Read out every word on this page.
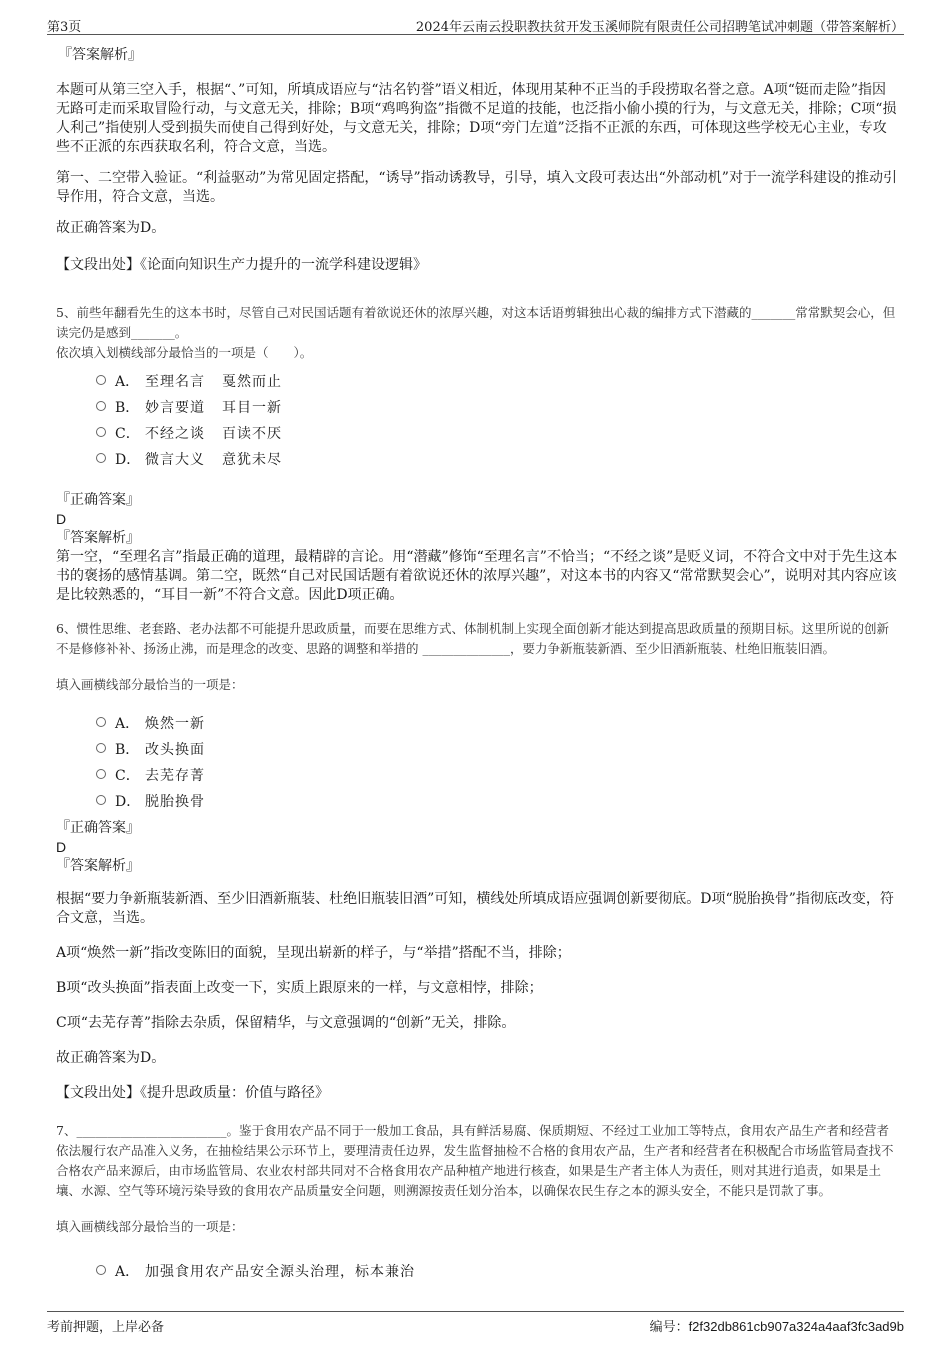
第3页	2024年云南云投职教扶贫开发玉溪师院有限责任公司招聘笔试冲刺题（带答案解析）
『答案解析』

本题可从第三空入手，根据“、”可知，所填成语应与“沽名钓誉”语义相近，体现用某种不正当的手段捞取名誉之意。A项“铤而走险”指因无路可走而采取冒险行动，与文意无关，排除；B项“鸡鸣狗盗”指微不足道的技能，也泛指小偷小摸的行为，与文意无关，排除；C项“损人利己”指使别人受到损失而使自己得到好处，与文意无关，排除；D项“旁门左道”泛指不正派的东西，可体现这些学校无心主业，专攻些不正派的东西获取名利，符合文意，当选。

第一、二空带入验证。“利益驱动”为常见固定搭配，“诱导”指动诱教导，引导，填入文段可表达出“外部动机”对于一流学科建设的推动引导作用，符合文意，当选。

故正确答案为D。

【文段出处】《论面向知识生产力提升的一流学科建设逻辑》

5、前些年翻看先生的这本书时，尽管自己对民国话题有着欲说还休的浓厚兴趣，对这本话语剪辑独出心裁的编排方式下潜藏的_______常常默契会心，但读完仍是感到_______。

依次填入划横线部分最恰当的一项是（　　）。

A． 至理名言 戛然而止
B． 妙言要道 耳目一新
C． 不经之谈 百读不厌
D． 微言大义 意犹未尽
『正确答案』
D
『答案解析』

第一空，“至理名言”指最正确的道理，最精辟的言论。用“潜藏”修饰“至理名言”不恰当；“不经之谈”是贬义词，不符合文中对于先生这本书的褒扬的感情基调。第二空，既然“自己对民国话题有着欲说还休的浓厚兴趣”，对这本书的内容又“常常默契会心”，说明对其内容应该是比较熟悉的，“耳目一新”不符合文意。因此D项正确。

6、惯性思维、老套路、老办法都不可能提升思政质量，而要在思维方式、体制机制上实现全面创新才能达到提高思政质量的预期目标。这里所说的创新不是修修补补、扬汤止沸，而是理念的改变、思路的调整和举措的 ______________，要力争新瓶装新酒、至少旧酒新瓶装、杜绝旧瓶装旧酒。

填入画横线部分最恰当的一项是：

A． 焕然一新
B． 改头换面
C． 去芜存菁
D． 脱胎换骨
『正确答案』
D
『答案解析』

根据“要力争新瓶装新酒、至少旧酒新瓶装、杜绝旧瓶装旧酒”可知，横线处所填成语应强调创新要彻底。D项“脱胎换骨”指彻底改变，符合文意，当选。

A项“焕然一新”指改变陈旧的面貌，呈现出崭新的样子，与“举措”搭配不当，排除；

B项“改头换面”指表面上改变一下，实质上跟原来的一样，与文意相悖，排除；

C项“去芜存菁”指除去杂质，保留精华，与文意强调的“创新”无关，排除。

故正确答案为D。

【文段出处】《提升思政质量：价值与路径》

7、________________________。鉴于食用农产品不同于一般加工食品，具有鲜活易腐、保质期短、不经过工业加工等特点，食用农产品生产者和经营者依法履行农产品准入义务，在抽检结果公示环节上，要理清责任边界，发生监督抽检不合格的食用农产品，生产者和经营者在积极配合市场监管局查找不合格农产品来源后，由市场监管局、农业农村部共同对不合格食用农产品种植产地进行核查，如果是生产者主体人为责任，则对其进行追责，如果是土壤、水源、空气等环境污染导致的食用农产品质量安全问题，则溯源按责任划分治本，以确保农民生存之本的源头安全，不能只是罚款了事。

填入画横线部分最恰当的一项是：

A． 加强食用农产品安全源头治理，标本兼治
考前押题，上岸必备	编号：f2f32db861cb907a324a4aaf3fc3ad9b
